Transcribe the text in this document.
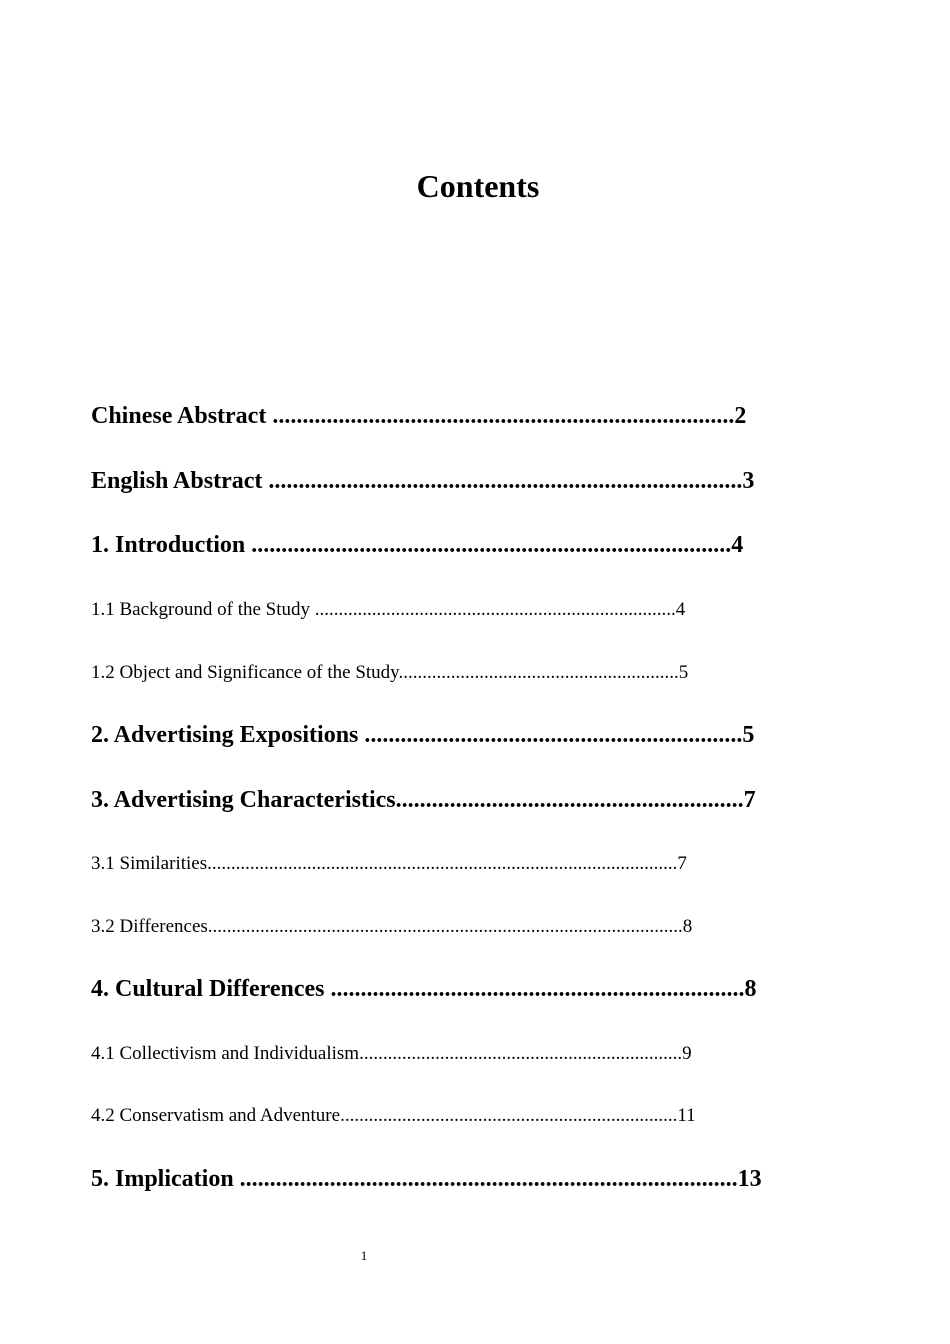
Contents
Chinese Abstract .............................................................................2
English Abstract ...............................................................................3
1. Introduction ................................................................................4
1.1 Background of the Study ............................................................................4
1.2 Object and Significance of the Study...........................................................5
2. Advertising Expositions ...............................................................5
3. Advertising Characteristics..........................................................7
3.1 Similarities...................................................................................................7
3.2 Differences....................................................................................................8
4. Cultural Differences .....................................................................8
4.1 Collectivism and Individualism....................................................................9
4.2 Conservatism and Adventure.......................................................................11
5. Implication ...................................................................................13
1
